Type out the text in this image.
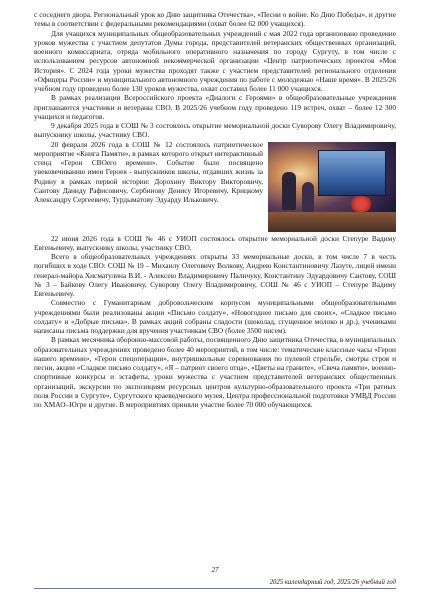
с соседнего двора. Региональный урок ко Дню защитника Отечества», «Песни о войне. Ко Дню Победы», и другие темы в соответствии с федеральными рекомендациями (охват более 62 000 учащихся).

Для учащихся муниципальных общеобразовательных учреждений с мая 2022 года организовано проведение уроков мужества с участием депутатов Думы города, представителей ветеранских общественных организаций, военного комиссариата, отряда мобильного оперативного назначения по городу Сургуту, в том числе с использованием ресурсов автономной некоммерческой организации «Центр патриотических проектов «Моя История». С 2024 года уроки мужества проходят также с участием представителей регионального отделения «Офицеры России» и муниципального автономного учреждения по работе с молодежью «Наше время». В 2025/26 учебном году проведено более 130 уроков мужества, охват составил более 11 000 учащихся.

В рамках реализации Всероссийского проекта «Диалоги с Героями» в общеобразовательные учреждения приглашаются участники и ветераны СВО. В 2025/26 учебном году проведено 119 встреч, охват – более 12 300 учащихся и педагогов.

9 декабря 2025 года в СОШ № 3 состоялось открытие мемориальной доски Суворову Олегу Владимировичу, выпускнику школы, участнику СВО.

20 февраля 2026 года в СОШ № 12 состоялось патриотическое мероприятие «Книга Памяти», в рамках которого открыт интерактивный стенд «Герои СВОего времени». Событие было посвящено увековечиванию имен Героев - выпускников школы, отдавших жизнь за Родину в рамках первой истории: Дорохину Виктору Викторовичу, Сантову Даниду Рафисовичу, Сербинову Денису Игоревичу, Крицкому Александру Сергеевичу, Турдыматову Эдуарду Ильковичу.

22 июня 2026 года в СОШ № 46 с УИОП состоялось открытие мемориальной доски Степуре Вадиму Евгеньевичу, выпускнику школы, участнику СВО.

Всего в общеобразовательных учреждениях открыты 33 мемориальные доски, в том числе 7 в честь погибших в ходе СВО: СОШ № 19 – Михаилу Олеговичу Волкову, Андрею Константиновичу Лазуте, лицей имени генерал-майора Хисматулина В.И. - Алексею Владимировичу Паличуку, Константину Эдуардовичу Сантову, СОШ № 3 – Байкову Олегу Ивановичу, Суворову Олегу Владимировичу, СОШ № 46 с УИОП – Степуре Вадиму Евгеньевичу.

Совместно с Гуманитарным добровольческим корпусом муниципальными общеобразовательными учреждениями были реализованы акции «Письмо солдату», «Новогоднее письмо для своих», «Сладкое письмо солдату» и «Добрые письма». В рамках акций собраны сладости (шоколад, сгущенное молоко и др.), учениками написаны письма поддержки для вручения участникам СВО (более 3500 писем).

В рамках месячника оборонно-массовой работы, посвященного Дню защитника Отечества, в муниципальных образовательных учреждениях проведено более 40 мероприятий, в том числе: тематические классные часы «Герои нашего времени», «Герои спецоперации», внутришкольные соревнования по пулевой стрельбе, смотры строя и песни, акции «Сладкое письмо солдату», «Я – патриот своего отца», «Цветы на граните», «Свеча памяти», военно-спортивные конкурсы и эстафеты, уроки мужества с участием представителей ветеранских общественных организаций, экскурсии по экспозициям ресурсных центров культурно-образовательного проекта «Три ратных поля России в Сургуте», Сургутского краеведческого музея, Центра профессиональной подготовки УМВД России по ХМАО–Югре и другие. В мероприятиях приняли участие более 70 000 обучающихся.

27
2025 календарный год, 2025/26 учебный год
